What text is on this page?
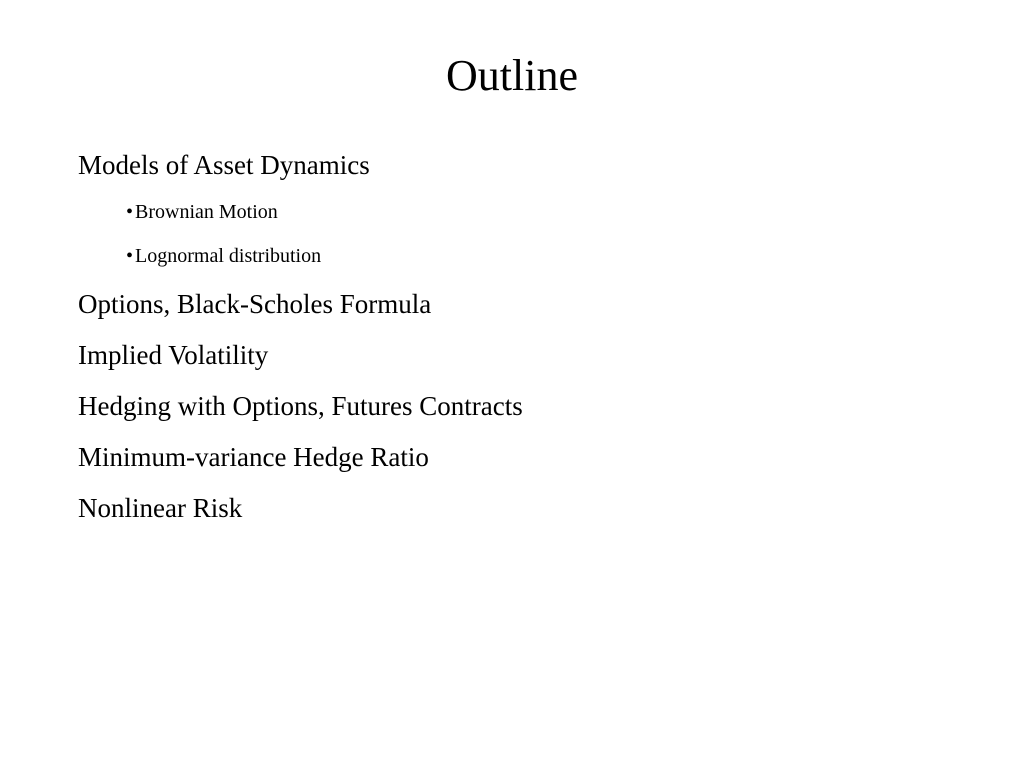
Outline
Models of Asset Dynamics
• Brownian Motion
• Lognormal distribution
Options, Black-Scholes Formula
Implied Volatility
Hedging with Options, Futures Contracts
Minimum-variance Hedge Ratio
Nonlinear Risk
